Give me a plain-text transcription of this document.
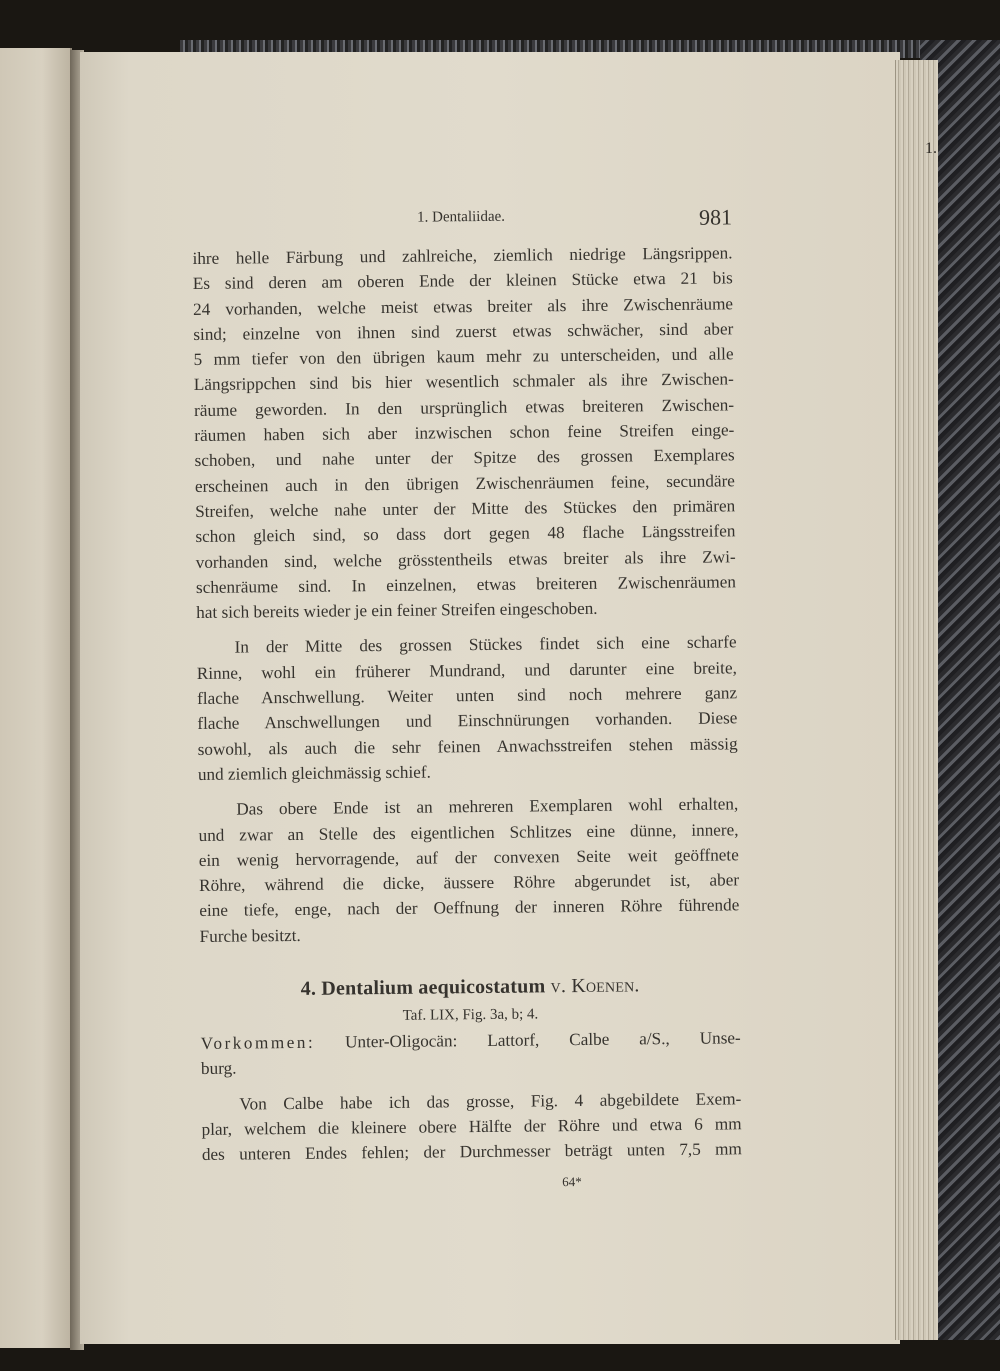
1.
1. Dentaliidae.	981

ihre helle Färbung und zahlreiche, ziemlich niedrige Längsrippen.

Es sind deren am oberen Ende der kleinen Stücke etwa 21 bis

24 vorhanden, welche meist etwas breiter als ihre Zwischenräume

sind; einzelne von ihnen sind zuerst etwas schwächer, sind aber

5 mm tiefer von den übrigen kaum mehr zu unterscheiden, und alle

Längsrippchen sind bis hier wesentlich schmaler als ihre Zwischen-

räume geworden. In den ursprünglich etwas breiteren Zwischen-

räumen haben sich aber inzwischen schon feine Streifen einge-

schoben, und nahe unter der Spitze des grossen Exemplares

erscheinen auch in den übrigen Zwischenräumen feine, secundäre

Streifen, welche nahe unter der Mitte des Stückes den primären

schon gleich sind, so dass dort gegen 48 flache Längsstreifen

vorhanden sind, welche grösstentheils etwas breiter als ihre Zwi-

schenräume sind. In einzelnen, etwas breiteren Zwischenräumen

hat sich bereits wieder je ein feiner Streifen eingeschoben.

In der Mitte des grossen Stückes findet sich eine scharfe

Rinne, wohl ein früherer Mundrand, und darunter eine breite,

flache Anschwellung. Weiter unten sind noch mehrere ganz

flache Anschwellungen und Einschnürungen vorhanden. Diese

sowohl, als auch die sehr feinen Anwachsstreifen stehen mässig

und ziemlich gleichmässig schief.

Das obere Ende ist an mehreren Exemplaren wohl erhalten,

und zwar an Stelle des eigentlichen Schlitzes eine dünne, innere,

ein wenig hervorragende, auf der convexen Seite weit geöffnete

Röhre, während die dicke, äussere Röhre abgerundet ist, aber

eine tiefe, enge, nach der Oeffnung der inneren Röhre führende

Furche besitzt.

4. Dentalium aequicostatum v. Koenen.
Taf. LIX, Fig. 3a, b; 4.

Vorkommen: Unter-Oligocän: Lattorf, Calbe a/S., Unse-

burg.

Von Calbe habe ich das grosse, Fig. 4 abgebildete Exem-

plar, welchem die kleinere obere Hälfte der Röhre und etwa 6 mm

des unteren Endes fehlen; der Durchmesser beträgt unten 7,5 mm

64*
